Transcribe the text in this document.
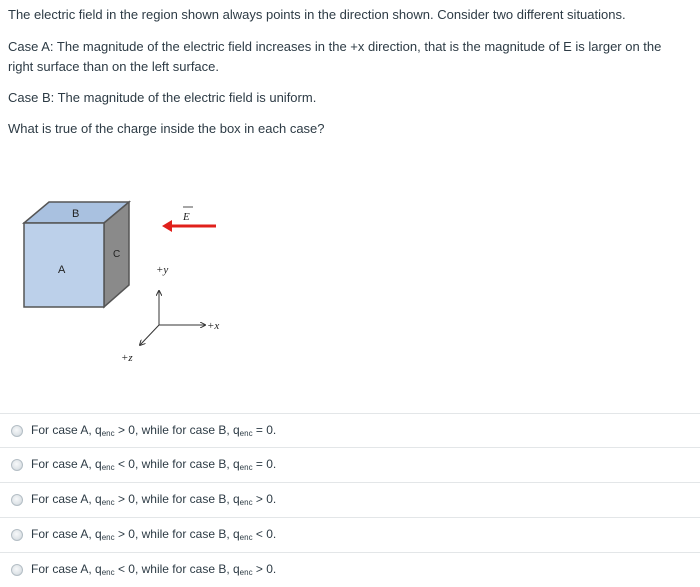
The electric field in the region shown always points in the direction shown. Consider two different situations.

Case A: The magnitude of the electric field increases in the +x direction, that is the magnitude of E is larger on the right surface than on the left surface.

Case B: The magnitude of the electric field is uniform.

What is true of the charge inside the box in each case?

B
A
C
E
+y
+x
+z
For case A, qenc > 0, while for case B, qenc = 0.
For case A, qenc < 0, while for case B, qenc = 0.
For case A, qenc > 0, while for case B, qenc > 0.
For case A, qenc > 0, while for case B, qenc < 0.
For case A, qenc < 0, while for case B, qenc > 0.
